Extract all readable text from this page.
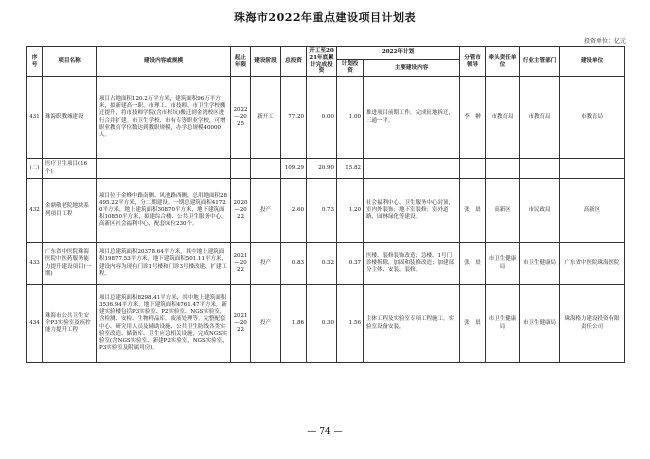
珠海市2022年重点建设项目计划表
投资单位：亿元
序号	项目名称	建设内容或规模	起止年限	建设阶段	总投资	开工至2021年底累计完成投资	2022年计划		分管市领导	牵头责任单位	行业主管部门	建设单位
							计划投资	主要建设内容				
431	珠海职教城建设	项目占地面积120.2万平方米，建筑面积96万平方米，拟新建高一职、市理工、市技师、市卫生学校搬迁提升，将市技师学院(含市杉坑)搬迁到金湾校区进行合并扩建。市卫生学校、市有专等职业学校，可增职业教育学位数达到教职规模，办学总规模40000人。	2022—2025	新开工	77.20	0.00	1.00	推进项目前期工作，完成征地拆迁，三通一平。	李　翀	市教育局	市教育局	市教育局
(二)	医疗卫生项目(16个)				109.29	20.90	15.82					
432	金鼎敬老院地块系列项目工程	项目位于金峰中路南侧、风池路西侧，总用地面积28495.22平方米，分二期建设。一期总建筑面积41720平方米，地上建筑面积30870平方米，地下建筑面积10850平方米，拟建综合楼、公共卫生服务中心、高新区社会福利中心，配套床位230个。	2020—2022	投产	2.60	0.73	1.20	社会福利中心、卫生服务中心封顶，室内外装饰；地下室装修；室外道路、园林绿化等建设。	张　晨	高新区	市民政局	高新区
433	广东省中医院珠海医院中医药服务能力提升建设项目(一期)	项目总建筑面积20378.64平方米，其中地上建筑面积19877.53平方米，地下建筑面积501.11平方米，建设内容为现有门诊1号楼和门诊3号楼改建、扩建工程。	2021—2022	投产	0.83	0.32	0.37	医楼、装修装饰改造；急楼、1号门诊楼拆除，加固和装修改造；加建部分主体、安装、装修。	张　晨	市卫生健康局	市卫生健康局	广东省中医院珠海医院
434	珠海市公共卫生安全P3实验室及疾控能力提升工程	项目总建筑面积8298.41平方米，其中地上建筑面积3536.94平方米，地下建筑面积4761.47平方米。新建实验楼包括P3实验室、P2实验室、NGS实验室，含检测、安检、生物样品库，废液处理等。完整配套中心、研究用人员及辅助设施、公共卫生防线各类实验室改造、储备库、卫生应急相关设施，完成NGS实验室(含NGS实验室、新建P2实验室、NGS实验室、P3实验室及附属用房)。	2021—2022	投产	1.86	0.30	1.56	主体工程及实验室专项工程施工，实验室设备安装。	张　晨	市卫生健康局	市卫生健康局	珠海格力建设投资有限责任公司
— 74 —
